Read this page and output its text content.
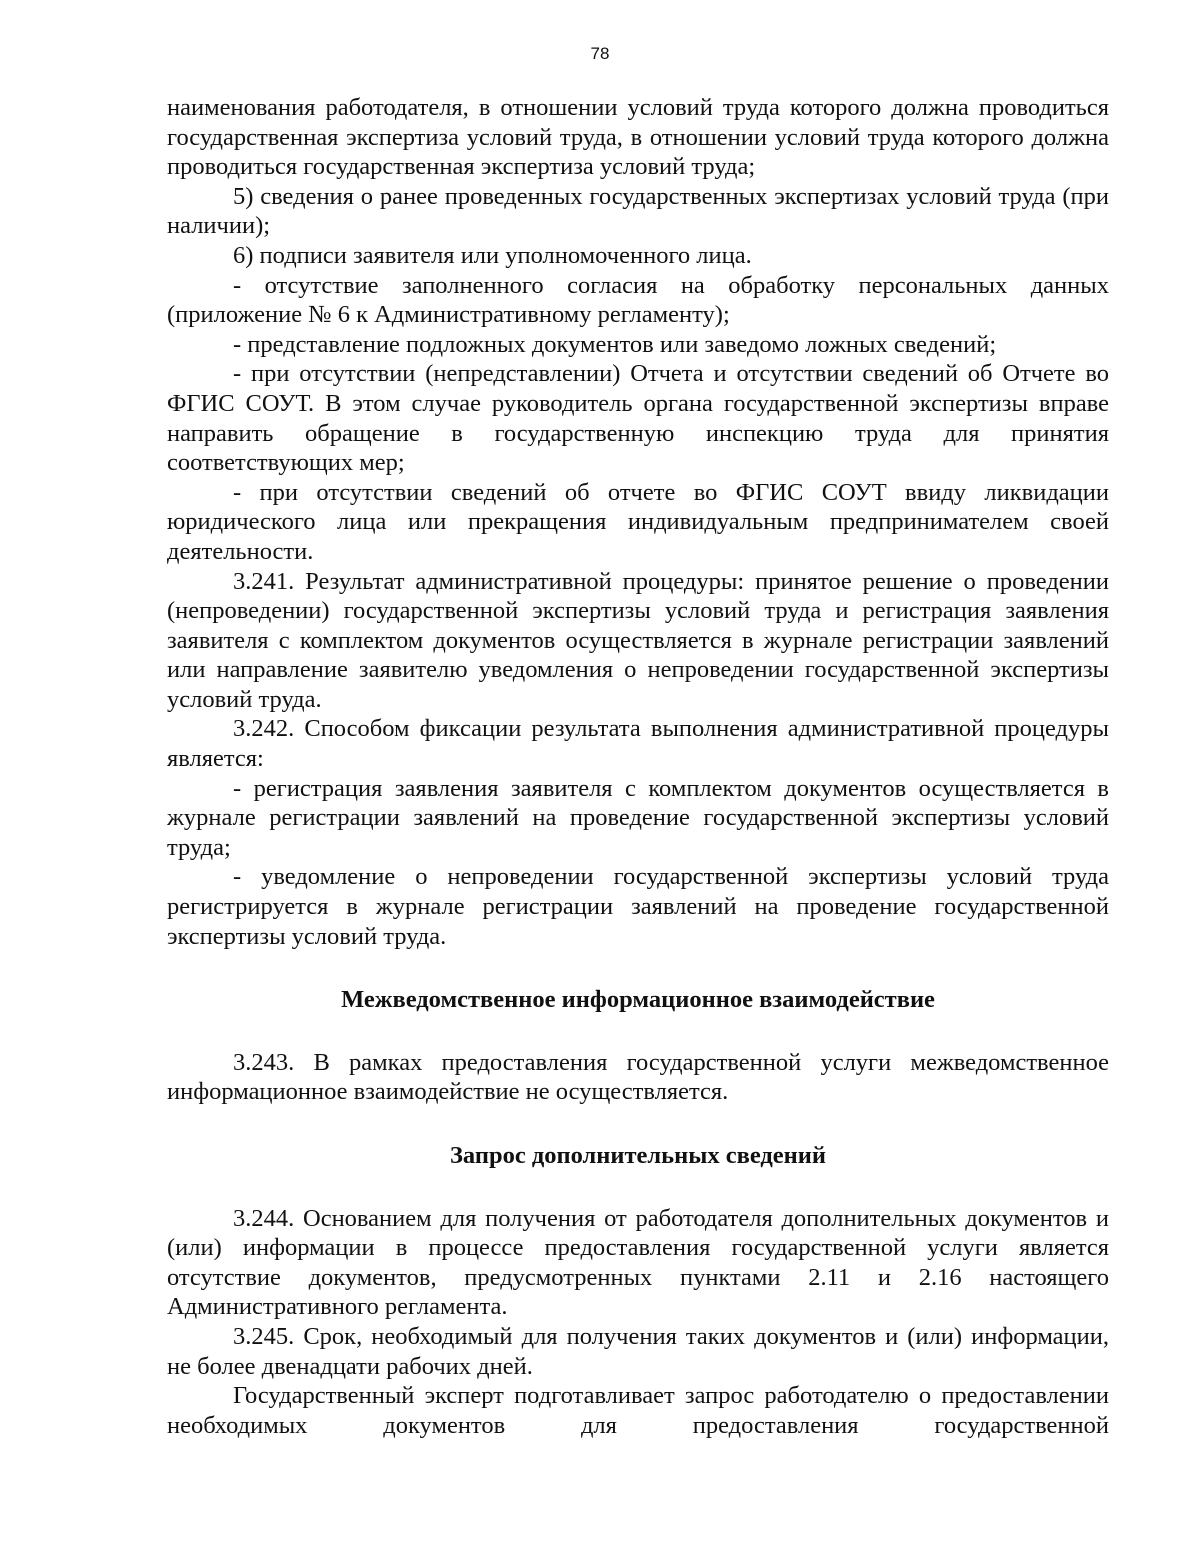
78

наименования работодателя, в отношении условий труда которого должна проводиться государственная экспертиза условий труда, в отношении условий труда которого должна проводиться государственная экспертиза условий труда;

5) сведения о ранее проведенных государственных экспертизах условий труда (при наличии);

6) подписи заявителя или уполномоченного лица.

- отсутствие заполненного согласия на обработку персональных данных (приложение № 6 к Административному регламенту);

- представление подложных документов или заведомо ложных сведений;

- при отсутствии (непредставлении) Отчета и отсутствии сведений об Отчете во ФГИС СОУТ. В этом случае руководитель органа государственной экспертизы вправе направить обращение в государственную инспекцию труда для принятия соответствующих мер;

- при отсутствии сведений об отчете во ФГИС СОУТ ввиду ликвидации юридического лица или прекращения индивидуальным предпринимателем своей деятельности.

3.241. Результат административной процедуры: принятое решение о проведении (непроведении) государственной экспертизы условий труда и регистрация заявления заявителя с комплектом документов осуществляется в журнале регистрации заявлений или направление заявителю уведомления о непроведении государственной экспертизы условий труда.

3.242. Способом фиксации результата выполнения административной процедуры является:

- регистрация заявления заявителя с комплектом документов осуществляется в журнале регистрации заявлений на проведение государственной экспертизы условий труда;

- уведомление о непроведении государственной экспертизы условий труда регистрируется в журнале регистрации заявлений на проведение государственной экспертизы условий труда.

Межведомственное информационное взаимодействие

3.243. В рамках предоставления государственной услуги межведомственное информационное взаимодействие не осуществляется.

Запрос дополнительных сведений

3.244. Основанием для получения от работодателя дополнительных документов и (или) информации в процессе предоставления государственной услуги является отсутствие документов, предусмотренных пунктами 2.11 и 2.16 настоящего Административного регламента.

3.245. Срок, необходимый для получения таких документов и (или) информации, не более двенадцати рабочих дней.

Государственный эксперт подготавливает запрос работодателю о предоставлении необходимых документов для предоставления государственной
